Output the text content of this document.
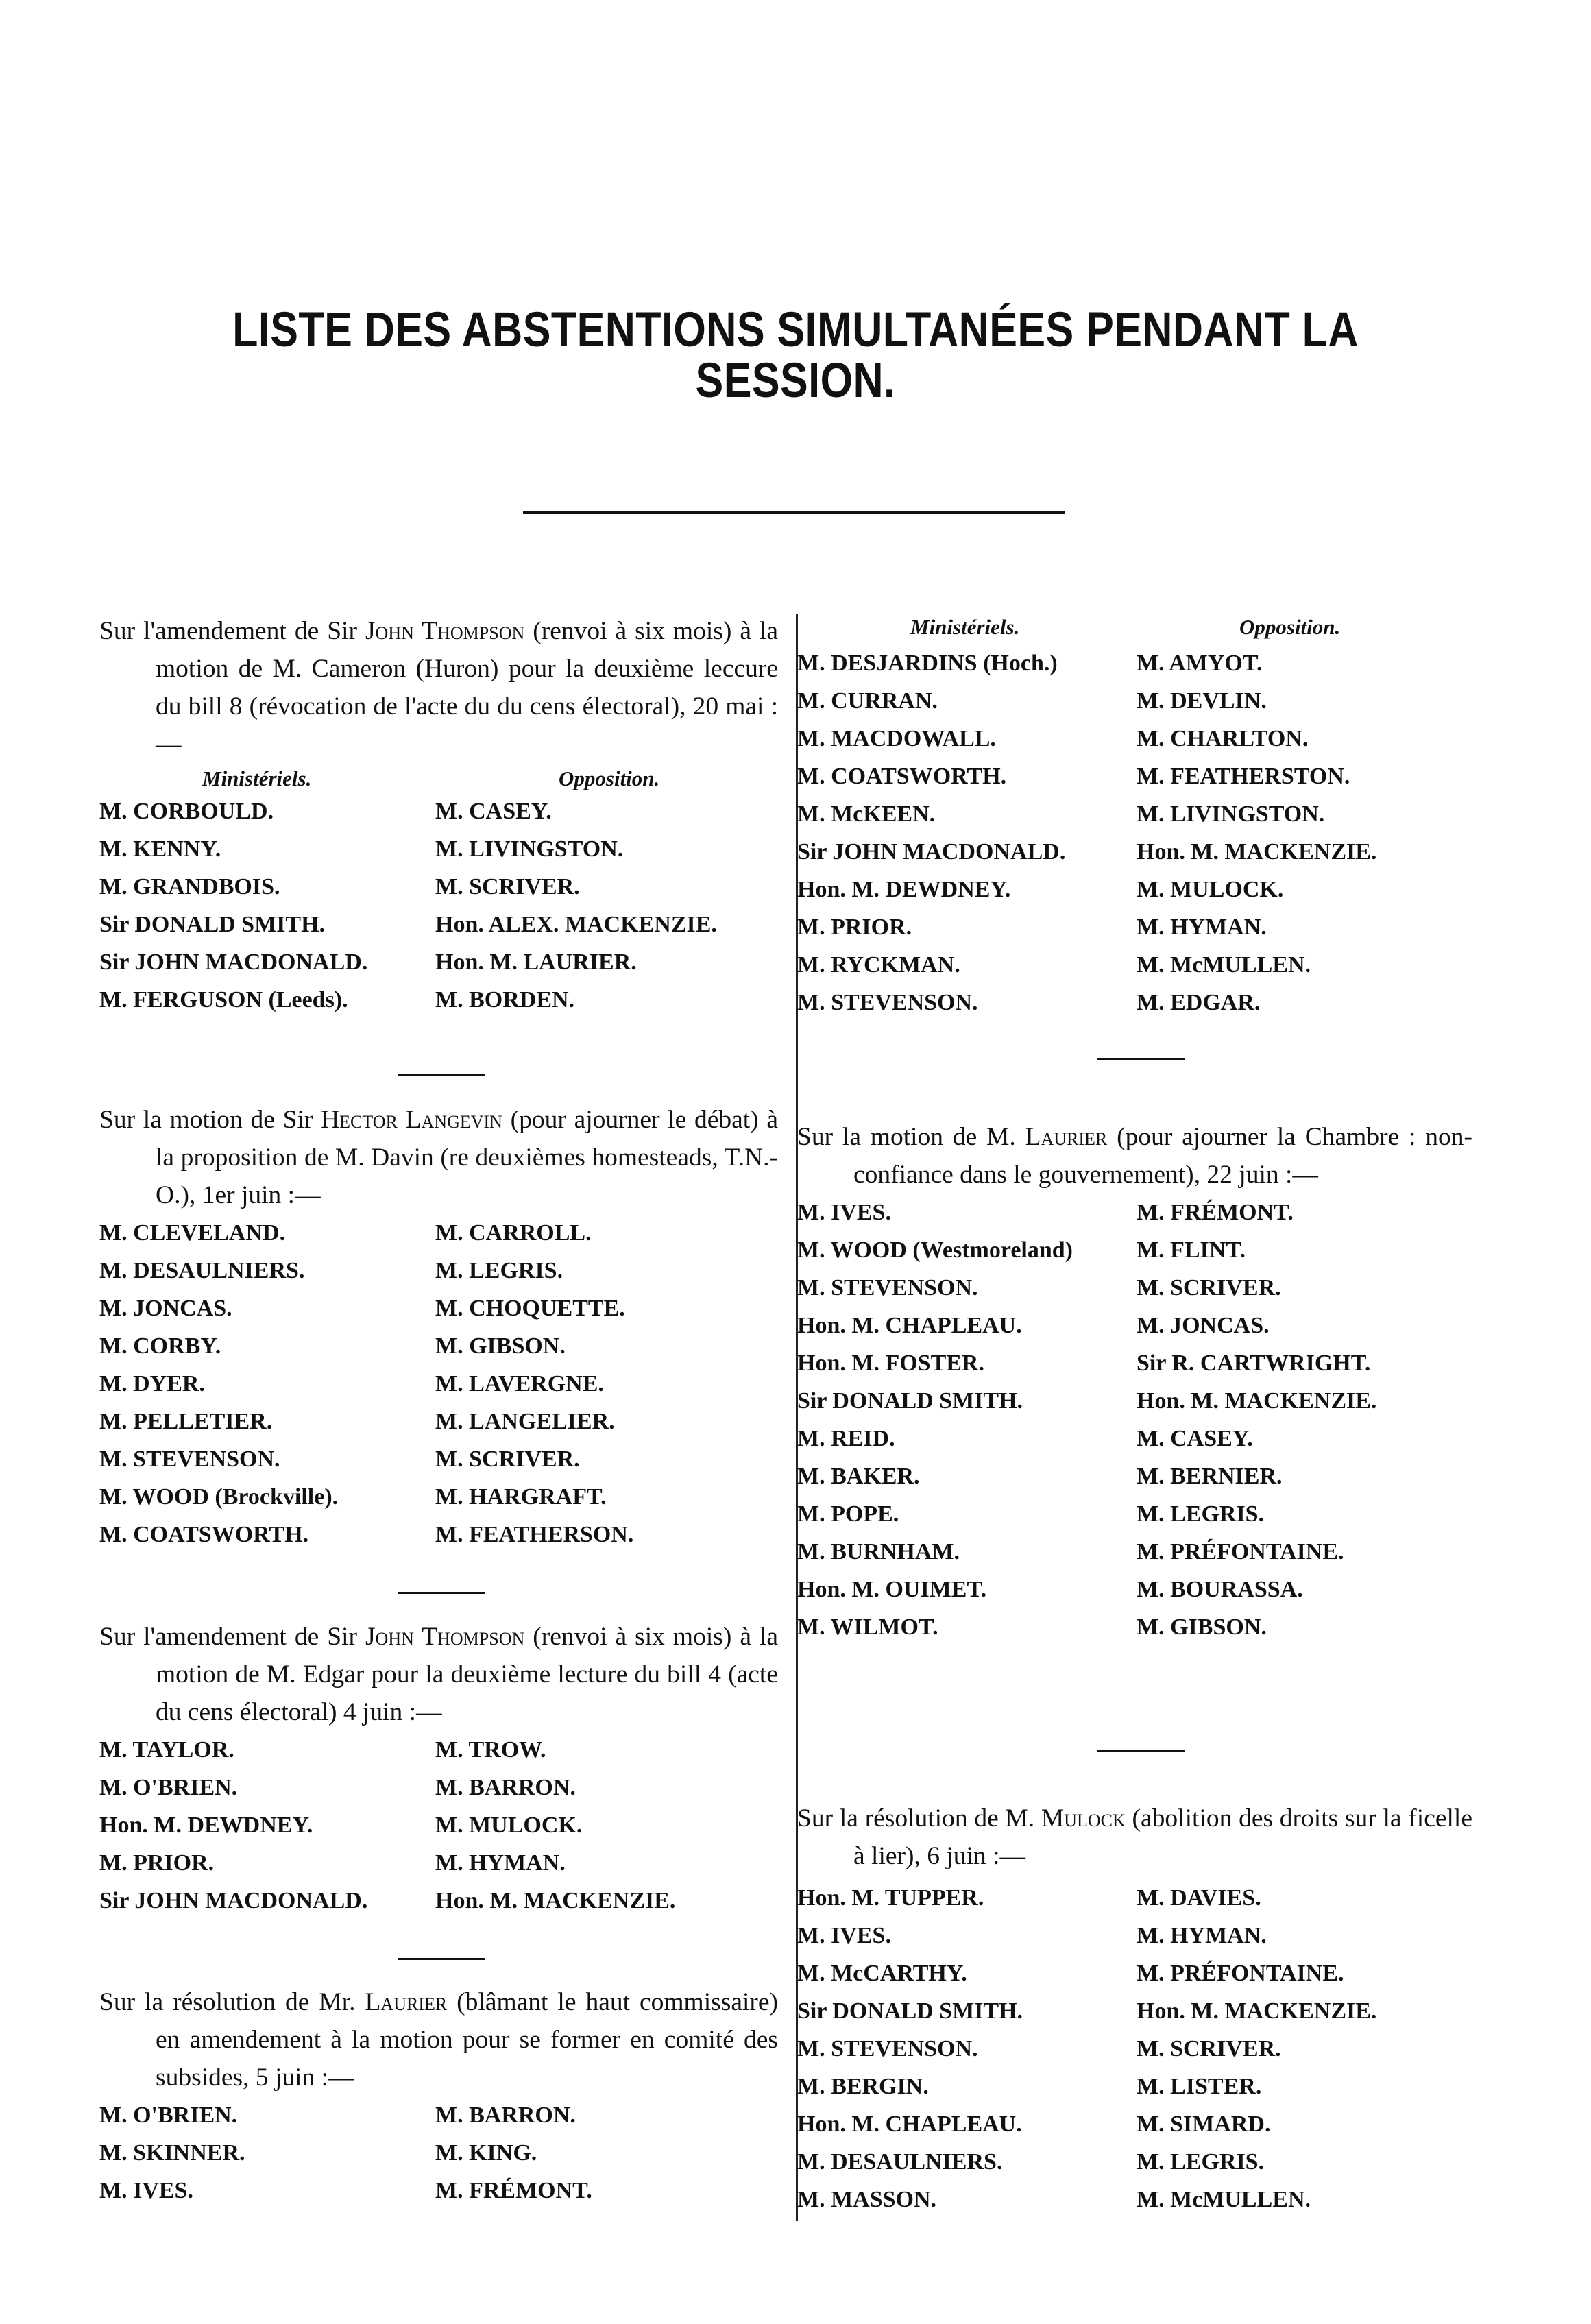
LISTE DES ABSTENTIONS SIMULTANÉES PENDANT LA SESSION.
Sur l'amendement de Sir John Thompson (renvoi à six mois) à la motion de M. Cameron (Huron) pour la deuxième leccure du bill 8 (révocation de l'acte du du cens électoral), 20 mai :—
Ministériels.	Opposition.
M. CORBOULD.	M. CASEY.
M. KENNY.	M. LIVINGSTON.
M. GRANDBOIS.	M. SCRIVER.
Sir DONALD SMITH.	Hon. ALEX. MACKENZIE.
Sir JOHN MACDONALD.	Hon. M. LAURIER.
M. FERGUSON (Leeds).	M. BORDEN.
Sur la motion de Sir Hector Langevin (pour ajourner le débat) à la proposition de M. Davin (re deuxièmes homesteads, T.N.-O.), 1er juin :—
M. CLEVELAND.	M. CARROLL.
M. DESAULNIERS.	M. LEGRIS.
M. JONCAS.	M. CHOQUETTE.
M. CORBY.	M. GIBSON.
M. DYER.	M. LAVERGNE.
M. PELLETIER.	M. LANGELIER.
M. STEVENSON.	M. SCRIVER.
M. WOOD (Brockville).	M. HARGRAFT.
M. COATSWORTH.	M. FEATHERSON.
Sur l'amendement de Sir John Thompson (renvoi à six mois) à la motion de M. Edgar pour la deuxième lecture du bill 4 (acte du cens électoral) 4 juin :—
M. TAYLOR.	M. TROW.
M. O'BRIEN.	M. BARRON.
Hon. M. DEWDNEY.	M. MULOCK.
M. PRIOR.	M. HYMAN.
Sir JOHN MACDONALD.	Hon. M. MACKENZIE.
Sur la résolution de Mr. Laurier (blâmant le haut commissaire) en amendement à la motion pour se former en comité des subsides, 5 juin :—
M. O'BRIEN.	M. BARRON.
M. SKINNER.	M. KING.
M. IVES.	M. FRÉMONT.
Ministériels.	Opposition.
M. DESJARDINS (Hoch.)	M. AMYOT.
M. CURRAN.	M. DEVLIN.
M. MACDOWALL.	M. CHARLTON.
M. COATSWORTH.	M. FEATHERSTON.
M. McKEEN.	M. LIVINGSTON.
Sir JOHN MACDONALD.	Hon. M. MACKENZIE.
Hon. M. DEWDNEY.	M. MULOCK.
M. PRIOR.	M. HYMAN.
M. RYCKMAN.	M. McMULLEN.
M. STEVENSON.	M. EDGAR.
Sur la motion de M. Laurier (pour ajourner la Chambre : non-confiance dans le gouvernement), 22 juin :—
M. IVES.	M. FRÉMONT.
M. WOOD (Westmoreland)	M. FLINT.
M. STEVENSON.	M. SCRIVER.
Hon. M. CHAPLEAU.	M. JONCAS.
Hon. M. FOSTER.	Sir R. CARTWRIGHT.
Sir DONALD SMITH.	Hon. M. MACKENZIE.
M. REID.	M. CASEY.
M. BAKER.	M. BERNIER.
M. POPE.	M. LEGRIS.
M. BURNHAM.	M. PRÉFONTAINE.
Hon. M. OUIMET.	M. BOURASSA.
M. WILMOT.	M. GIBSON.
Sur la résolution de M. Mulock (abolition des droits sur la ficelle à lier), 6 juin :—
Hon. M. TUPPER.	M. DAVIES.
M. IVES.	M. HYMAN.
M. McCARTHY.	M. PRÉFONTAINE.
Sir DONALD SMITH.	Hon. M. MACKENZIE.
M. STEVENSON.	M. SCRIVER.
M. BERGIN.	M. LISTER.
Hon. M. CHAPLEAU.	M. SIMARD.
M. DESAULNIERS.	M. LEGRIS.
M. MASSON.	M. McMULLEN.
